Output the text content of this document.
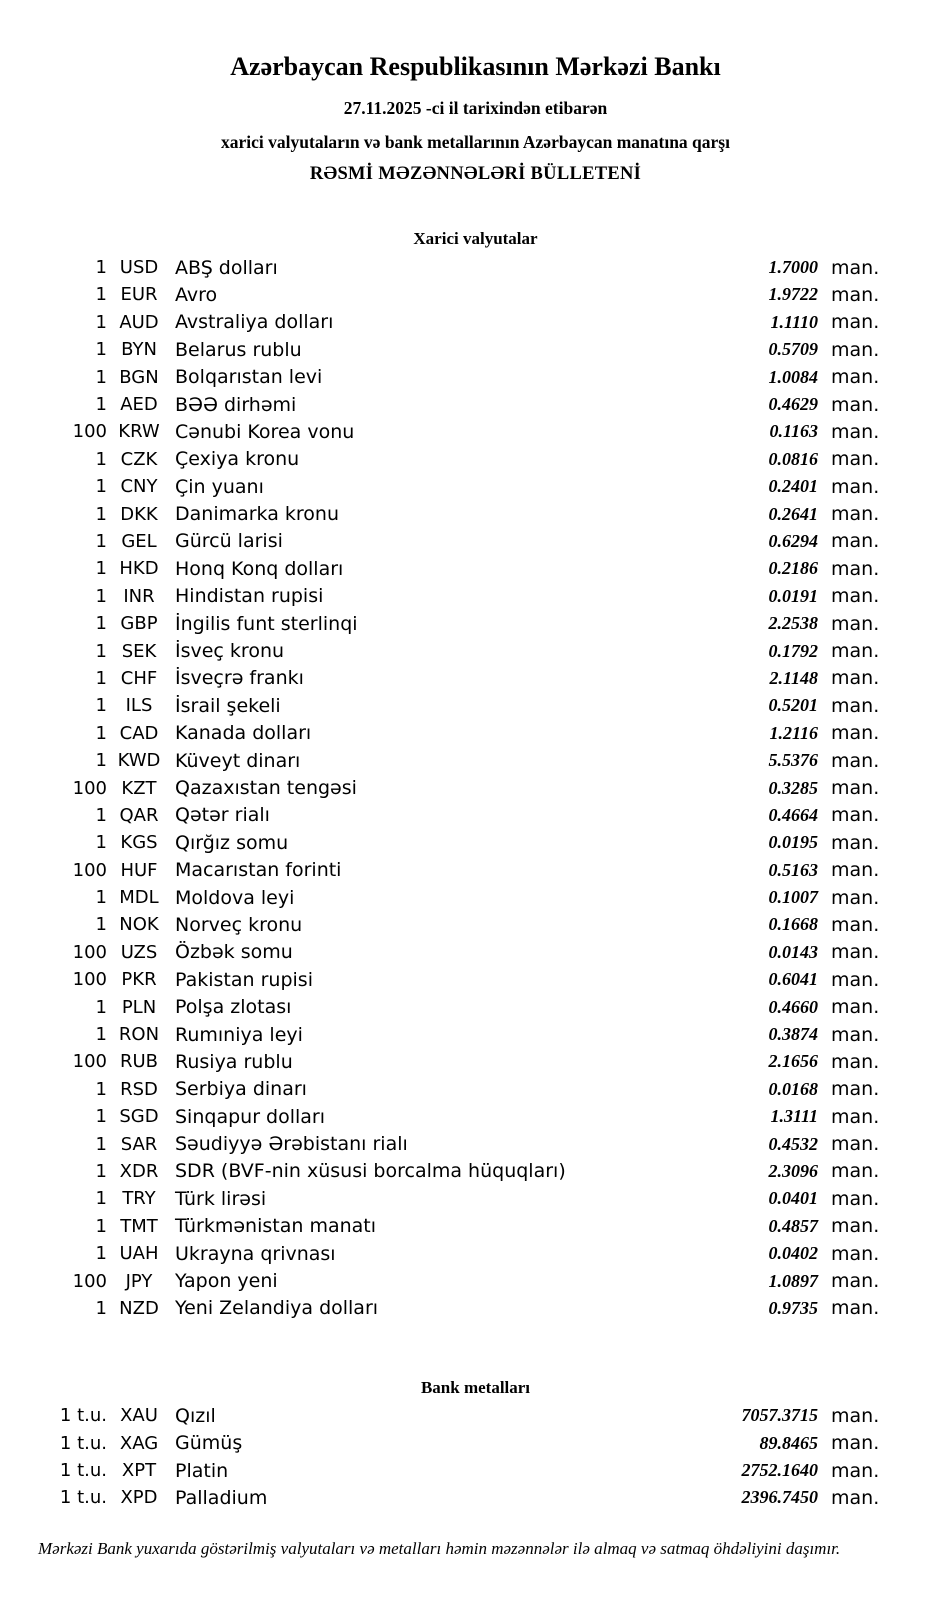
Azərbaycan Respublikasının Mərkəzi Bankı
27.11.2025 -ci il tarixindən etibarən
xarici valyutaların və bank metallarının Azərbaycan manatına qarşı
RƏSMİ MƏZƏNNƏLƏRİ BÜLLETENİ
Xarici valyutalar
1 USD ABŞ dolları	1.7000 man.
1 EUR Avro	1.9722 man.
1 AUD Avstraliya dolları	1.1110 man.
1 BYN Belarus rublu	0.5709 man.
1 BGN Bolqarıstan levi	1.0084 man.
1 AED BƏƏ dirhəmi	0.4629 man.
100 KRW Cənubi Korea vonu	0.1163 man.
1 CZK Çexiya kronu	0.0816 man.
1 CNY Çin yuanı	0.2401 man.
1 DKK Danimarka kronu	0.2641 man.
1 GEL Gürcü larisi	0.6294 man.
1 HKD Honq Konq dolları	0.2186 man.
1 INR	Hindistan rupisi	0.0191 man.
1 GBP İngilis funt sterlinqi	2.2538 man.
1 SEK İsveç kronu	0.1792 man.
1 CHF İsveçrə frankı	2.1148 man.
1	ILS	İsrail şekeli	0.5201 man.
1 CAD Kanada dolları	1.2116 man.
1 KWD Küveyt dinarı	5.5376 man.
100 KZT Qazaxıstan tengəsi	0.3285 man.
1 QAR Qətər rialı	0.4664 man.
1 KGS Qırğız somu	0.0195 man.
100 HUF Macarıstan forinti	0.5163 man.
1 MDL Moldova leyi	0.1007 man.
1 NOK Norveç kronu	0.1668 man.
100 UZS Özbək somu	0.0143 man.
100 PKR Pakistan rupisi	0.6041 man.
1 PLN Polşa zlotası	0.4660 man.
1 RON Rumıniya leyi	0.3874 man.
100 RUB Rusiya rublu	2.1656 man.
1 RSD Serbiya dinarı	0.0168 man.
1 SGD Sinqapur dolları	1.3111 man.
1 SAR Səudiyyə Ərəbistanı rialı	0.4532 man.
1 XDR SDR (BVF-nin xüsusi borcalma hüquqları)	2.3096 man.
1 TRY	Türk lirəsi	0.0401 man.
1 TMT Türkmənistan manatı	0.4857 man.
1 UAH Ukrayna qrivnası	0.0402 man.
100	JPY	Yapon yeni	1.0897 man.
1 NZD Yeni Zelandiya dolları	0.9735 man.
Bank metalları
1 t.u. XAU Qızıl	7057.3715 man.
1 t.u. XAG Gümüş	89.8465 man.
1 t.u. XPT Platin	2752.1640 man.
1 t.u. XPD Palladium	2396.7450 man.
Mərkəzi Bank yuxarıda göstərilmiş valyutaları və metalları həmin məzənnələr ilə almaq və satmaq öhdəliyini daşımır.
